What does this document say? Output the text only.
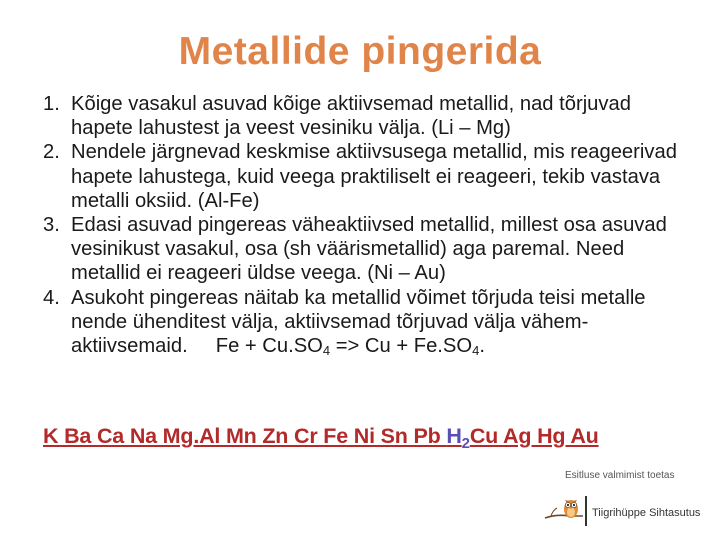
Metallide pingerida
1. Kõige vasakul asuvad kõige aktiivsemad metallid, nad tõrjuvad hapete lahustest ja veest vesiniku välja. (Li – Mg)
2. Nendele järgnevad keskmise aktiivsusega metallid, mis reageerivad hapete lahustega, kuid veega praktiliselt ei reageeri, tekib vastava metalli oksiid. (Al-Fe)
3. Edasi asuvad pingereas väheaktiivsed metallid, millest osa asuvad vesinikust vasakul, osa (sh väärismetallid) aga paremal. Need metallid ei reageeri üldse veega. (Ni – Au)
4. Asukoht pingereas näitab ka metallid võimet tõrjuda teisi metalle nende ühenditest välja, aktiivsemad tõrjuvad välja vähem-aktiivsemaid. $Fe + Cu.SO_4 => Cu + Fe.SO_4$.
K Ba Ca Na Mg.Al Mn Zn Cr Fe Ni Sn Pb $H_2Cu$ Ag Hg Au
Esitluse valmimist toetas
Tiigrihüppe Sihtasutus
